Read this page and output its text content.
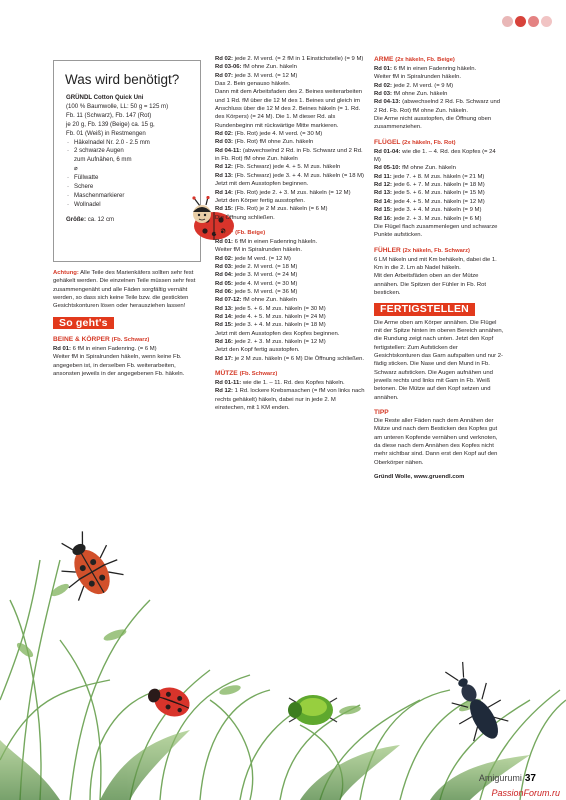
Was wird benötigt?
GRÜNDL Cotton Quick Uni
(100 % Baumwolle, LL: 50 g = 125 m)
Fb. 11 (Schwarz), Fb. 147 (Rot)
je 20 g, Fb. 139 (Beige) ca. 15 g,
Fb. 01 (Weiß) in Restmengen
· Häkelnadel Nr. 2.0 - 2.5 mm
· 2 schwarze Augen zum Aufnähen, 6 mm ⌀
· Füllwatte
· Schere
· Maschenmarkierer
· Wollnadel
Größe: ca. 12 cm

Achtung: Alle Teile des Marienkäfers sollten sehr fest gehäkelt werden. Die einzelnen Teile müssen sehr fest zusammengenäht und alle Fäden sorgfältig vernäht werden, so dass sich keine Teile bzw. die gestickten Gesichtskonturen lösen oder herausziehen lassen!

So geht's

BEINE & KÖRPER (Fb. Schwarz)

Rd 01: 6 fM in einen Fadenring. (= 6 M)

Weiter fM in Spiralrunden häkeln, wenn keine Fb. angegeben ist, in derselben Fb. weiterarbeiten, ansonsten jeweils in der angegebenen Fb. häkeln.

Rd 02: jede 2. M verd. (= 2 fM in 1 Einstichstelle) (= 9 M)

Rd 03-06: fM ohne Zun. häkeln

Rd 07: jede 3. M verd. (= 12 M)

Das 2. Bein genauso häkeln.

Dann mit dem Arbeitsfaden des 2. Beines weiterarbeiten und 1 Rd. fM über die 12 M des 1. Beines und gleich im Anschluss über die 12 M des 2. Beines häkeln (= 1. Rd. des Körpers) (= 24 M). Die 1. M dieser Rd. als Rundenbeginn mit rückwärtige Mitte markieren.

Rd 02: (Fb. Rot) jede 4. M verd. (= 30 M)

Rd 03: (Fb. Rot) fM ohne Zun. häkeln

Rd 04-11: (abwechselnd 2 Rd. in Fb. Schwarz und 2 Rd. in Fb. Rot) fM ohne Zun. häkeln

Rd 12: (Fb. Schwarz) jede 4. + 5. M zus. häkeln

Rd 13: (Fb. Schwarz) jede 3. + 4. M zus. häkeln (= 18 M)

Jetzt mit dem Ausstopfen beginnen.

Rd 14: (Fb. Rot) jede 2. + 3. M zus. häkeln (= 12 M)

Jetzt den Körper fertig ausstopfen.

Rd 15: (Fb. Rot) je 2 M zus. häkeln (= 6 M)

Die Öffnung schließen.

KOPF (Fb. Beige)

Rd 01: 6 fM in einen Fadenring häkeln.

Weiter fM in Spiralrunden häkeln.

Rd 02: jede M verd. (= 12 M)

Rd 03: jede 2. M verd. (= 18 M)

Rd 04: jede 3. M verd. (= 24 M)

Rd 05: jede 4. M verd. (= 30 M)

Rd 06: jede 5. M verd. (= 36 M)

Rd 07-12: fM ohne Zun. häkeln

Rd 13: jede 5. + 6. M zus. häkeln (= 30 M)

Rd 14: jede 4. + 5. M zus. häkeln (= 24 M)

Rd 15: jede 3. + 4. M zus. häkeln (= 18 M)

Jetzt mit dem Ausstopfen des Kopfes beginnen.

Rd 16: jede 2. + 3. M zus. häkeln (= 12 M)

Jetzt den Kopf fertig ausstopfen.

Rd 17: je 2 M zus. häkeln (= 6 M) Die Öffnung schließen.

MÜTZE (Fb. Schwarz)

Rd 01-11: wie die 1. – 11. Rd. des Kopfes häkeln.

Rd 12: 1 Rd. lockere Krebsmaschen (= fM von links nach rechts gehäkelt) häkeln, dabei nur in jede 2. M einstechen, mit 1 KM enden.

ARME (2x häkeln, Fb. Beige)

Rd 01: 6 fM in einen Fadenring häkeln.

Weiter fM in Spiralrunden häkeln.

Rd 02: jede 2. M verd. (= 9 M)

Rd 03: fM ohne Zun. häkeln

Rd 04-13: (abwechselnd 2 Rd. Fb. Schwarz und 2 Rd. Fb. Rot) fM ohne Zun. häkeln.

Die Arme nicht ausstopfen, die Öffnung oben zusammenziehen.

FLÜGEL (2x häkeln, Fb. Rot)

Rd 01-04: wie die 1. – 4. Rd. des Kopfes (= 24 M)

Rd 05-10: fM ohne Zun. häkeln

Rd 11: jede 7. + 8. M zus. häkeln (= 21 M)

Rd 12: jede 6. + 7. M zus. häkeln (= 18 M)

Rd 13: jede 5. + 6. M zus. häkeln (= 15 M)

Rd 14: jede 4. + 5. M zus. häkeln (= 12 M)

Rd 15: jede 3. + 4. M zus. häkeln (= 9 M)

Rd 16: jede 2. + 3. M zus. häkeln (= 6 M)

Die Flügel flach zusammenlegen und schwarze Punkte aufsticken.

FÜHLER (2x häkeln, Fb. Schwarz)

6 LM häkeln und mit Km behäkeln, dabei die 1. Km in die 2. Lm ab Nadel häkeln.

Mit den Arbeitsfäden oben an der Mütze annähen. Die Spitzen der Fühler in Fb. Rot besticken.

FERTIGSTELLEN

Die Arme oben am Körper annähen. Die Flügel mit der Spitze hinten im oberen Bereich annähen, die Rundung zeigt nach unten. Jetzt den Kopf fertigstellen: Zum Aufsticken der Gesichtskonturen das Garn aufspalten und nur 2-fädig sticken. Die Nase und den Mund in Fb. Schwarz aufsticken. Die Augen aufnähen und jeweils rechts und links mit Garn in Fb. Weiß betonen. Die Mütze auf den Kopf setzen und annähen.

TIPP

Die Reste aller Fäden nach dem Annähen der Mütze und nach dem Besticken des Kopfes gut am unteren Kopfende vernähen und verknoten, da diese nach dem Annähen des Kopfes nicht mehr sichtbar sind. Dann erst den Kopf auf den Oberkörper nähen.

Gründl Wolle, www.gruendl.com

Amigurumi 37
PassionForum.ru
